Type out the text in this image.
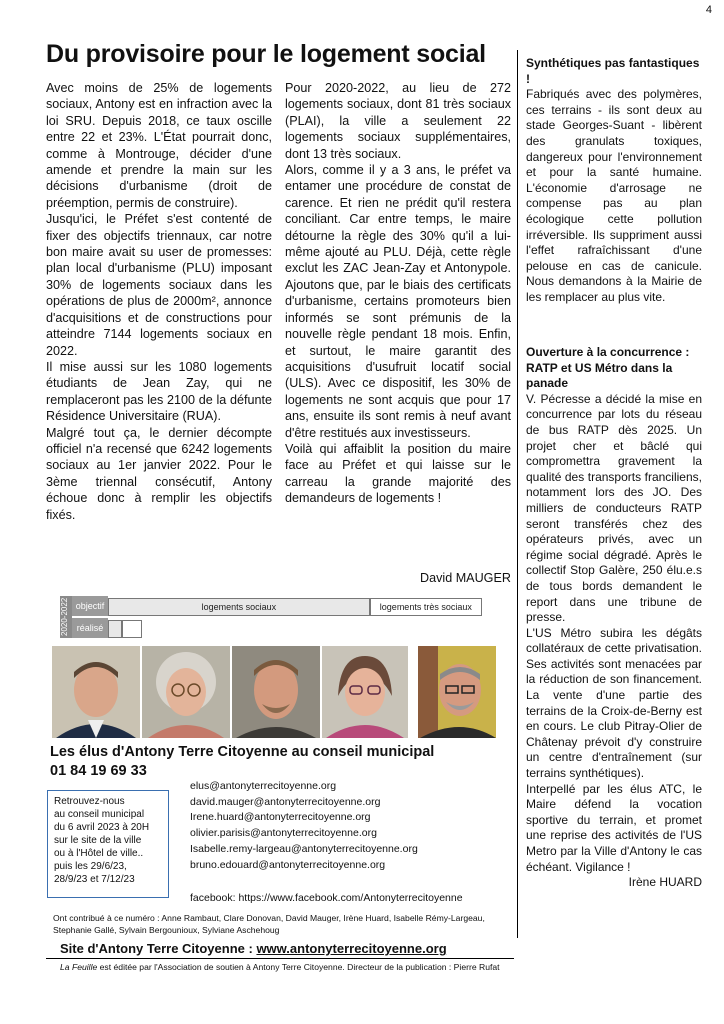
4
Du provisoire pour le logement social

Avec moins de 25% de logements sociaux, Antony est en infraction avec la loi SRU. Depuis 2018, ce taux oscille entre 22 et 23%. L'État pourrait donc, comme à Montrouge, décider d'une amende et prendre la main sur les décisions d'urbanisme (droit de préemption, permis de construire).

Jusqu'ici, le Préfet s'est contenté de fixer des objectifs triennaux, car notre bon maire avait su user de promesses: plan local d'urbanisme (PLU) imposant 30% de logements sociaux dans les opérations de plus de 2000m², annonce d'acquisitions et de constructions pour atteindre 7144 logements sociaux en 2022.

Il mise aussi sur les 1080 logements étudiants de Jean Zay, qui ne remplaceront pas les 2100 de la défunte Résidence Universitaire (RUA).

Malgré tout ça, le dernier décompte officiel n'a recensé que 6242 logements sociaux au 1er janvier 2022. Pour le 3ème triennal consécutif, Antony échoue donc à remplir les objectifs fixés.

Pour 2020-2022, au lieu de 272 logements sociaux, dont 81 très sociaux (PLAI), la ville a seulement 22 logements sociaux supplémentaires, dont 13 très sociaux.

Alors, comme il y a 3 ans, le préfet va entamer une procédure de constat de carence. Et rien ne prédit qu'il restera conciliant. Car entre temps, le maire détourne la règle des 30% qu'il a lui-même ajouté au PLU. Déjà, cette règle exclut les ZAC Jean-Zay et Antonypole. Ajoutons que, par le biais des certificats d'urbanisme, certains promoteurs bien informés se sont prémunis de la nouvelle règle pendant 18 mois. Enfin, et surtout, le maire garantit des acquisitions d'usufruit locatif social (ULS). Avec ce dispositif, les 30% de logements ne sont acquis que pour 17 ans, ensuite ils sont remis à neuf avant d'être restitués aux investisseurs.

Voilà qui affaiblit la position du maire face au Préfet et qui laisse sur le carreau la grande majorité des demandeurs de logements !

David MAUGER
Synthétiques pas fantastiques !

Fabriqués avec des polymères, ces terrains - ils sont deux au stade Georges-Suant - libèrent des granulats toxiques, dangereux pour l'environnement et pour la santé humaine. L'économie d'arrosage ne compense pas au plan écologique cette pollution irréversible. Ils suppriment aussi l'effet rafraîchissant d'une pelouse en cas de canicule. Nous demandons à la Mairie de les remplacer au plus vite.

Ouverture à la concurrence : RATP et US Métro dans la panade

V. Pécresse a décidé la mise en concurrence par lots du réseau de bus RATP dès 2025. Un projet cher et bâclé qui compromettra gravement la qualité des transports franciliens, notamment lors des JO. Des milliers de conducteurs RATP seront transférés chez des opérateurs privés, avec un régime social dégradé. Après le collectif Stop Galère, 250 élu.e.s de tous bords demandent le report dans une tribune de presse.

L'US Métro subira les dégâts collatéraux de cette privatisation. Ses activités sont menacées par la réduction de son financement. La vente d'une partie des terrains de la Croix-de-Berny est en cours. Le club Pitray-Olier de Châtenay prévoit d'y construire un centre d'entraînement (sur terrains synthétiques).

Interpellé par les élus ATC, le Maire défend la vocation sportive du terrain, et promet une reprise des activités de l'US Metro par la Ville d'Antony le cas échéant. Vigilance !

Irène HUARD

2020-2022 objectif
réalisé
logements sociaux	logements très sociaux
Les élus d'Antony Terre Citoyenne au conseil municipal
01 84 19 69 33
Retrouvez-nous
au conseil municipal
du 6 avril 2023 à 20H
sur le site de la ville
ou à l'Hôtel de ville..
puis les 29/6/23,
28/9/23 et 7/12/23
elus@antonyterrecitoyenne.org
david.mauger@antonyterrecitoyenne.org
Irene.huard@antonyterrecitoyenne.org
olivier.parisis@antonyterrecitoyenne.org
Isabelle.remy-largeau@antonyterrecitoyenne.org
bruno.edouard@antonyterrecitoyenne.org
facebook: https://www.facebook.com/Antonyterrecitoyenne
Ont contribué à ce numéro : Anne Rambaut, Clare Donovan, David Mauger, Irène Huard, Isabelle Rémy-Largeau, Stephanie Gallé, Sylvain Bergounioux, Sylviane Aschehoug
Site d'Antony Terre Citoyenne : www.antonyterrecitoyenne.org
La Feuille est éditée par l'Association de soutien à Antony Terre Citoyenne. Directeur de la publication : Pierre Rufat
